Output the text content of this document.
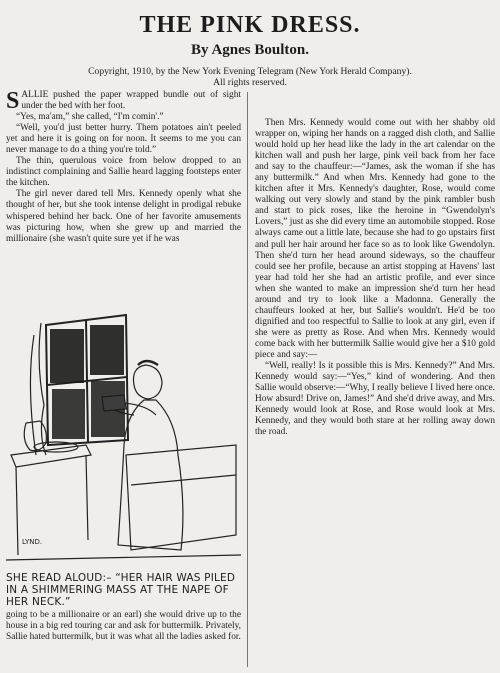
THE PINK DRESS.
By Agnes Boulton.
Copyright, 1910, by the New York Evening Telegram (New York Herald Company).
All rights reserved.

SALLIE pushed the paper wrapped bundle out of sight under the bed with her foot.

“Yes, ma'am,” she called, “I'm comin'.”

“Well, you'd just better hurry. Them potatoes ain't peeled yet and here it is going on for noon. It seems to me you can never manage to do a thing you're told.”

The thin, querulous voice from below dropped to an indistinct complaining and Sallie heard lagging footsteps enter the kitchen.

The girl never dared tell Mrs. Kennedy openly what she thought of her, but she took intense delight in prodigal rebuke whispered behind her back. One of her favorite amusements was picturing how, when she grew up and married the millionaire (she wasn't quite sure yet if he was

LYND.
SHE READ ALOUD:– “HER HAIR WAS PILED IN A SHIMMERING MASS AT THE NAPE OF HER NECK.”

going to be a millionaire or an earl) she would drive up to the house in a big red touring car and ask for buttermilk. Privately, Sallie hated buttermilk, but it was what all the ladies asked for.

Then Mrs. Kennedy would come out with her shabby old wrapper on, wiping her hands on a ragged dish cloth, and Sallie would hold up her head like the lady in the art calendar on the kitchen wall and push her large, pink veil back from her face and say to the chauffeur:—“James, ask the woman if she has any buttermilk.” And when Mrs. Kennedy had gone to the kitchen after it Mrs. Kennedy's daughter, Rose, would come walking out very slowly and stand by the pink rambler bush and start to pick roses, like the heroine in “Gwendolyn's Lovers,” just as she did every time an automobile stopped. Rose always came out a little late, because she had to go upstairs first and pull her hair around her face so as to look like Gwendolyn. Then she'd turn her head around sideways, so the chauffeur could see her profile, because an artist stopping at Havens' last year had told her she had an artistic profile, and ever since when she wanted to make an impression she'd turn her head around and try to look like a Madonna. Generally the chauffeurs looked at her, but Sallie's wouldn't. He'd be too dignified and too respectful to Sallie to look at any girl, even if she were as pretty as Rose. And when Mrs. Kennedy would come back with her buttermilk Sallie would give her a $10 gold piece and say:—

“Well, really! Is it possible this is Mrs. Kennedy?” And Mrs. Kennedy would say:—“Yes,” kind of wondering. And then Sallie would observe:—“Why, I really believe I lived here once. How absurd! Drive on, James!” And she'd drive away, and Mrs. Kennedy would look at Rose, and Rose would look at Mrs. Kennedy, and they would both stare at her rolling away down the road.
